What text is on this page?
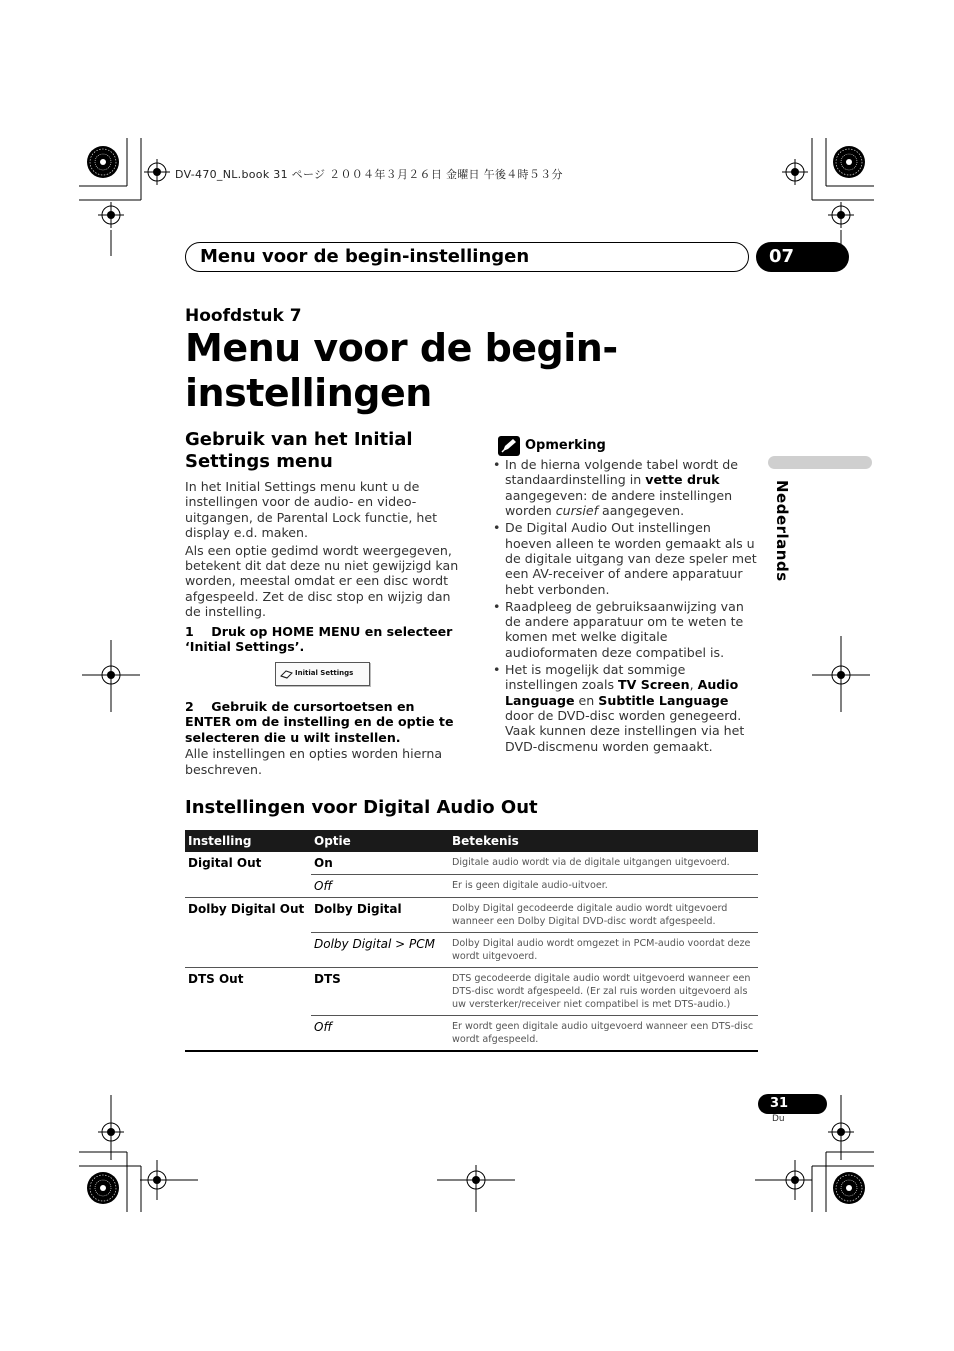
DV-470_NL.book 31 ページ ２００４年３月２６日 金曜日 午後４時５３分
Menu voor de begin-instellingen	07
Hoofdstuk 7
Menu voor de begin-
instellingen
Nederlands
Gebruik van het Initial
Settings menu

In het Initial Settings menu kunt u de instellingen voor de audio- en video-uitgangen, de Parental Lock functie, het display e.d. maken.

Als een optie gedimd wordt weergegeven, betekent dit dat deze nu niet gewijzigd kan worden, meestal omdat er een disc wordt afgespeeld. Zet de disc stop en wijzig dan de instelling.

1    Druk op HOME MENU en selecteer ‘Initial Settings’.

Initial Settings

2    Gebruik de cursortoetsen en ENTER om de instelling en de optie te selecteren die u wilt instellen.

Alle instellingen en opties worden hierna beschreven.

Opmerking
• In de hierna volgende tabel wordt de standaardinstelling in vette druk aangegeven: de andere instellingen worden cursief aangegeven.
• De Digital Audio Out instellingen hoeven alleen te worden gemaakt als u de digitale uitgang van deze speler met een AV-receiver of andere apparatuur hebt verbonden.
• Raadpleeg de gebruiksaanwijzing van de andere apparatuur om te weten te komen met welke digitale audioformaten deze compatibel is.
• Het is mogelijk dat sommige instellingen zoals TV Screen, Audio Language en Subtitle Language door de DVD-disc worden genegeerd. Vaak kunnen deze instellingen via het DVD-discmenu worden gemaakt.
Instellingen voor Digital Audio Out
Instelling	Optie	Betekenis
Digital Out	On	Digitale audio wordt via de digitale uitgangen uitgevoerd.
	Off	Er is geen digitale audio-uitvoer.
Dolby Digital Out	Dolby Digital	Dolby Digital gecodeerde digitale audio wordt uitgevoerd wanneer een Dolby Digital DVD-disc wordt afgespeeld.
	Dolby Digital > PCM	Dolby Digital audio wordt omgezet in PCM-audio voordat deze wordt uitgevoerd.
DTS Out	DTS	DTS gecodeerde digitale audio wordt uitgevoerd wanneer een DTS-disc wordt afgespeeld. (Er zal ruis worden uitgevoerd als uw versterker/receiver niet compatibel is met DTS-audio.)
	Off	Er wordt geen digitale audio uitgevoerd wanneer een DTS-disc wordt afgespeeld.
31
Du
